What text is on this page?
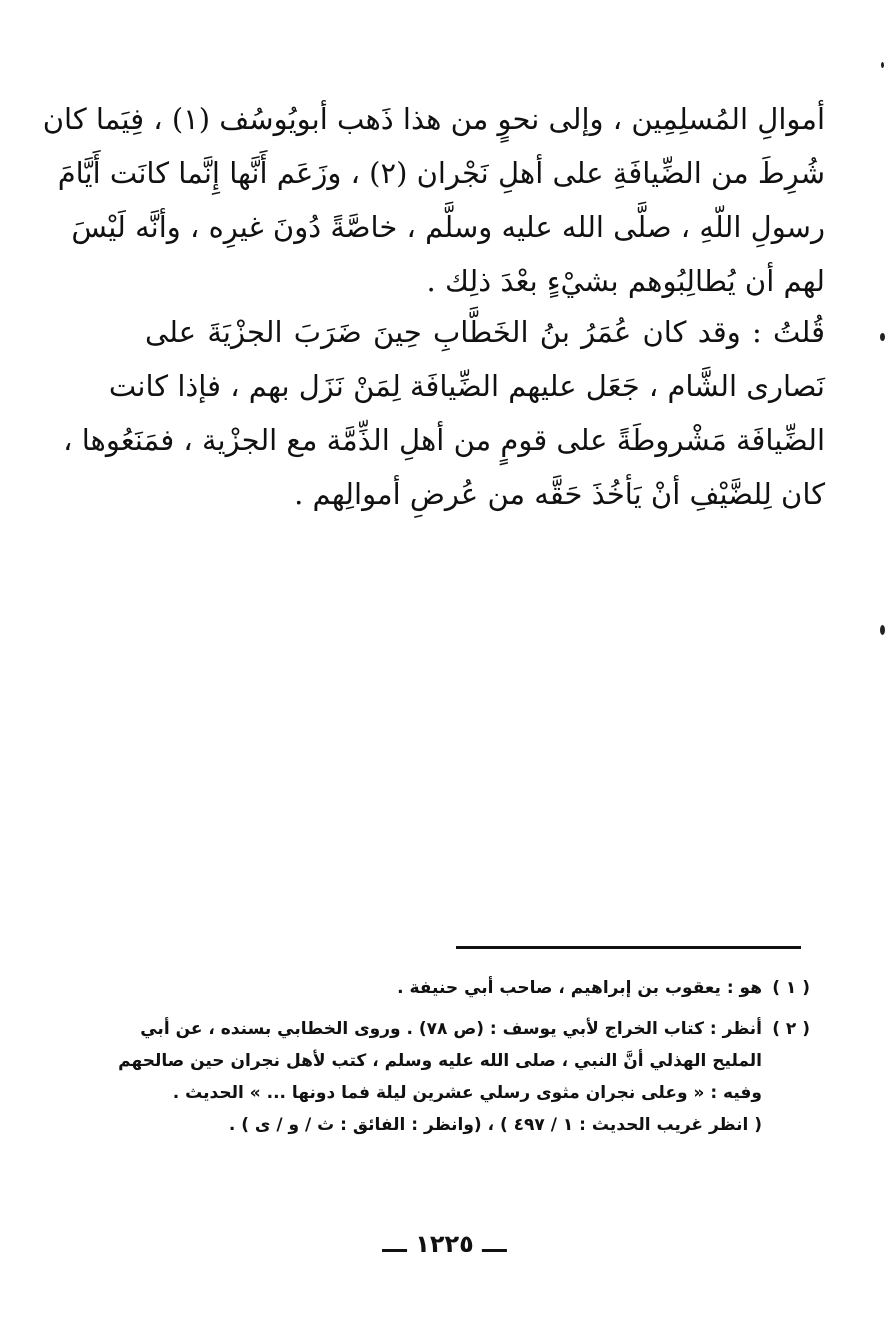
أموالِ المُسلِمِين ، وإلى نحوٍ من هذا ذَهب أبويُوسُف (١) ، فِيَما كان
شُرِطَ من الضِّيافَةِ على أهلِ نَجْران (٢) ، وزَعَم أَنَّها إِنَّما كانَت أَيَّامَ
رسولِ اللّهِ ، صلَّى الله عليه وسلَّم ، خاصَّةً دُونَ غيرِه ، وأنَّه لَيْسَ
لهم أن يُطالِبُوهم بشيْءٍ بعْدَ ذلِك .
قُلتُ : وقد كان عُمَرُ بنُ الخَطَّابِ حِينَ ضَرَبَ الجزْيَةَ على
نَصارى الشَّام ، جَعَل عليهم الضِّيافَة لِمَنْ نَزَل بهم ، فإذا كانت
الضِّيافَة مَشْروطَةً على قومٍ من أهلِ الذِّمَّة مع الجزْية ، فمَنَعُوها ،
كان لِلضَّيْفِ أنْ يَأخُذَ حَقَّه من عُرضِ أموالِهم .
( ١ )
هو : يعقوب بن إبراهيم ، صاحب أبي حنيفة .
( ٢ )
أنظر : كتاب الخراج لأبي يوسف : (ص ٧٨) . وروى الخطابي بسنده ، عن أبي
المليح الهذلي أنَّ النبي ، صلى الله عليه وسلم ، كتب لأهل نجران حين صالحهم
وفيه : « وعلى نجران مثوى رسلي عشرين ليلة فما دونها ... » الحديث .
( انظر غريب الحديث : ١ / ٤٩٧ ) ، (وانظر : الفائق : ث / و / ى ) .
ـــ ١٢٢٥ ـــ
